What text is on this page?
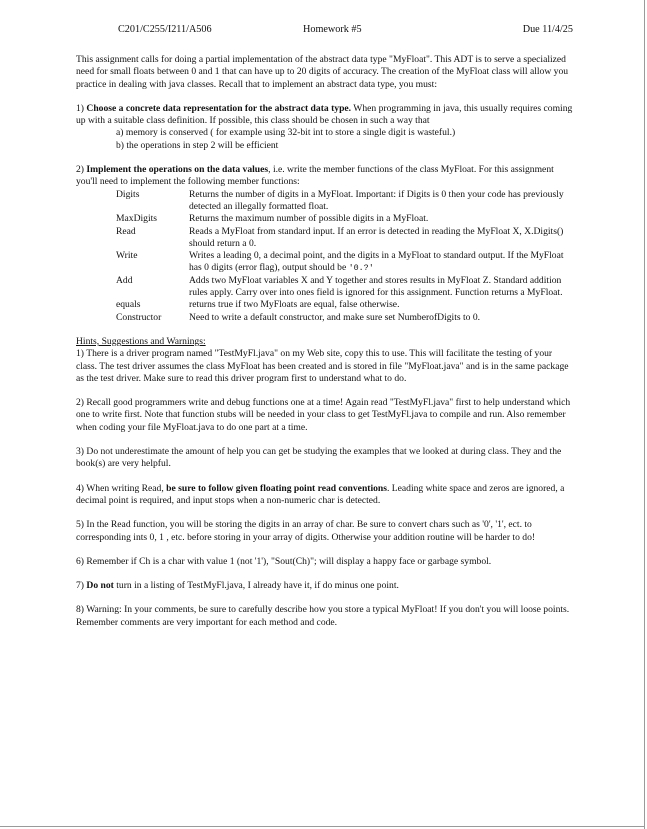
C201/C255/I211/A506	Homework #5	Due 11/4/25

This assignment calls for doing a partial implementation of the abstract data type "MyFloat". This ADT is to serve a specialized need for small floats between 0 and 1 that can have up to 20 digits of accuracy. The creation of the MyFloat class will allow you practice in dealing with java classes. Recall that to implement an abstract data type, you must:

1) Choose a concrete data representation for the abstract data type. When programming in java, this usually requires coming up with a suitable class definition. If possible, this class should be chosen in such a way that

a) memory is conserved ( for example using 32-bit int to store a single digit is wasteful.)

b) the operations in step 2 will be efficient

2) Implement the operations on the data values, i.e. write the member functions of the class MyFloat. For this assignment you'll need to implement the following member functions:

Digits	Returns the number of digits in a MyFloat. Important: if Digits is 0 then your code has previously detected an illegally formatted float.
MaxDigits	Returns the maximum number of possible digits in a MyFloat.
Read	Reads a MyFloat from standard input. If an error is detected in reading the MyFloat X, X.Digits() should return a 0.
Write	Writes a leading 0, a decimal point, and the digits in a MyFloat to standard output. If the MyFloat has 0 digits (error flag), output should be '0.?'
Add	Adds two MyFloat variables X and Y together and stores results in MyFloat Z. Standard addition rules apply. Carry over into ones field is ignored for this assignment. Function returns a MyFloat.
equals	returns true if two MyFloats are equal, false otherwise.
Constructor	Need to write a default constructor, and make sure set NumberofDigits to 0.

Hints, Suggestions and Warnings:

1) There is a driver program named "TestMyFl.java" on my Web site, copy this to use. This will facilitate the testing of your class. The test driver assumes the class MyFloat has been created and is stored in file "MyFloat.java" and is in the same package as the test driver. Make sure to read this driver program first to understand what to do.

2) Recall good programmers write and debug functions one at a time! Again read "TestMyFl.java" first to help understand which one to write first. Note that function stubs will be needed in your class to get TestMyFl.java to compile and run. Also remember when coding your file MyFloat.java to do one part at a time.

3) Do not underestimate the amount of help you can get be studying the examples that we looked at during class. They and the book(s) are very helpful.

4) When writing Read, be sure to follow given floating point read conventions. Leading white space and zeros are ignored, a decimal point is required, and input stops when a non-numeric char is detected.

5) In the Read function, you will be storing the digits in an array of char. Be sure to convert chars such as '0', '1', ect. to corresponding ints 0, 1 , etc. before storing in your array of digits. Otherwise your addition routine will be harder to do!

6) Remember if Ch is a char with value 1 (not '1'), "Sout(Ch)"; will display a happy face or garbage symbol.

7) Do not turn in a listing of TestMyFl.java, I already have it, if do minus one point.

8) Warning: In your comments, be sure to carefully describe how you store a typical MyFloat! If you don't you will loose points. Remember comments are very important for each method and code.
